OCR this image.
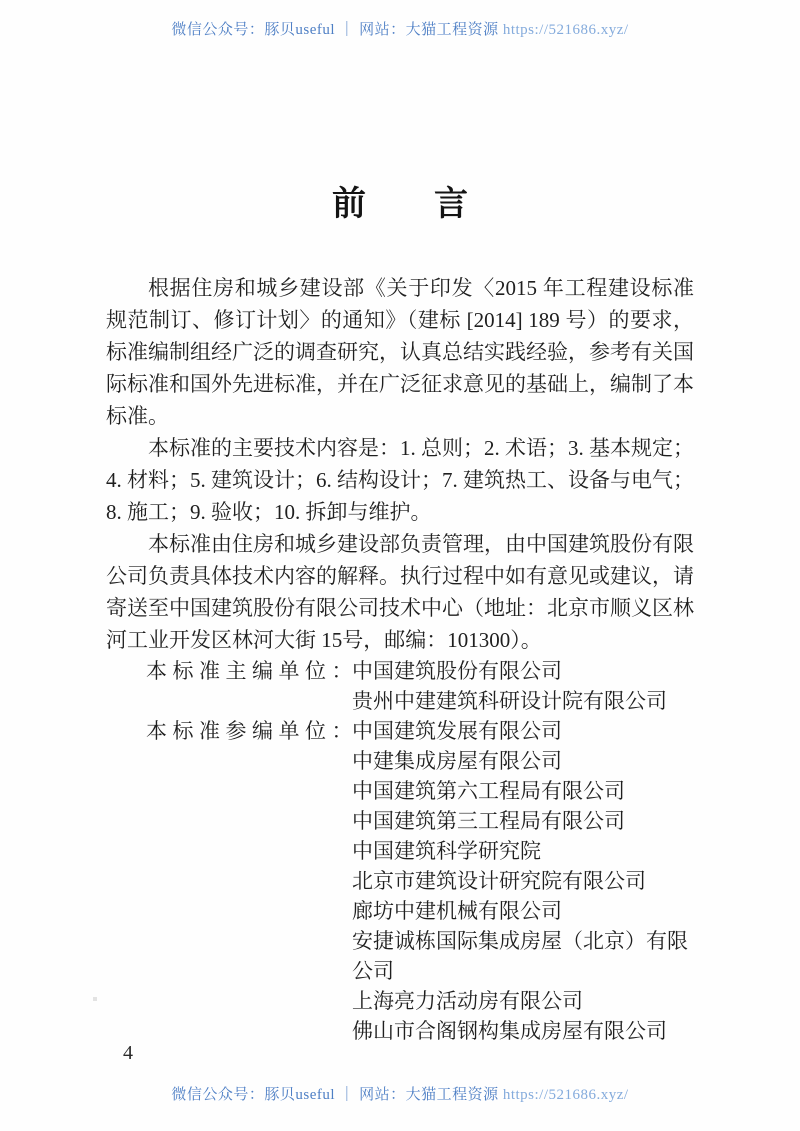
微信公众号：豚贝useful ｜ 网站：大猫工程资源 https://521686.xyz/
前　　言

根据住房和城乡建设部《关于印发〈2015 年工程建设标准规范制订、修订计划〉的通知》（建标 [2014] 189 号）的要求，标准编制组经广泛的调查研究，认真总结实践经验，参考有关国际标准和国外先进标准，并在广泛征求意见的基础上，编制了本标准。

本标准的主要技术内容是：1. 总则；2. 术语；3. 基本规定；4. 材料；5. 建筑设计；6. 结构设计；7. 建筑热工、设备与电气；8. 施工；9. 验收；10. 拆卸与维护。

本标准由住房和城乡建设部负责管理，由中国建筑股份有限公司负责具体技术内容的解释。执行过程中如有意见或建议，请寄送至中国建筑股份有限公司技术中心（地址：北京市顺义区林河工业开发区林河大街 15号，邮编：101300）。

本标准主编单位：
中国建筑股份有限公司
贵州中建建筑科研设计院有限公司
本标准参编单位：
中国建筑发展有限公司
中建集成房屋有限公司
中国建筑第六工程局有限公司
中国建筑第三工程局有限公司
中国建筑科学研究院
北京市建筑设计研究院有限公司
廊坊中建机械有限公司
安捷诚栋国际集成房屋（北京）有限公司
上海亮力活动房有限公司
佛山市合阁钢构集成房屋有限公司
4
微信公众号：豚贝useful ｜ 网站：大猫工程资源 https://521686.xyz/
